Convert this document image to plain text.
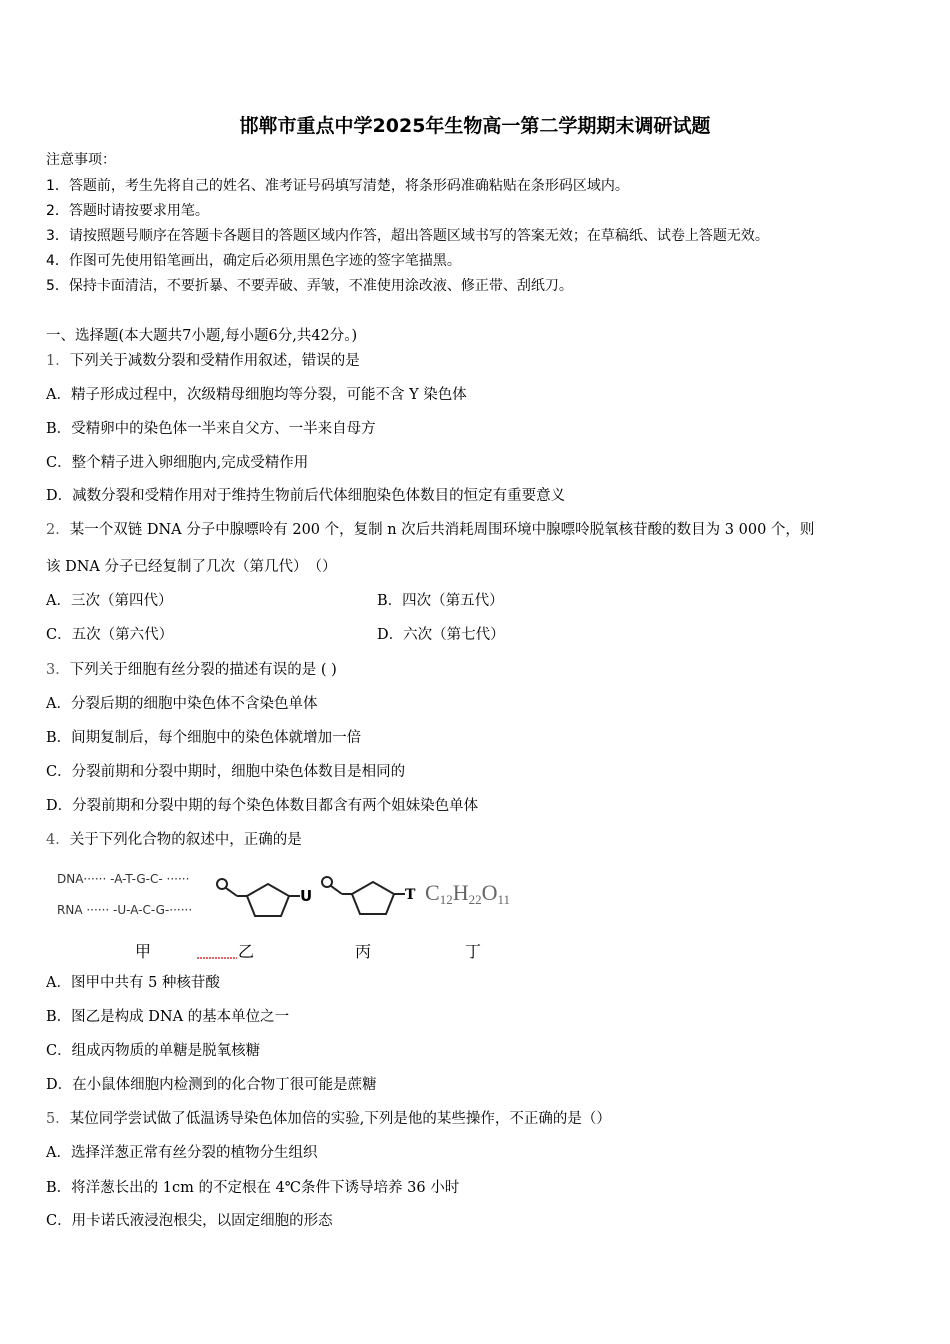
邯郸市重点中学2025年生物高一第二学期期末调研试题
注意事项：
1．答题前，考生先将自己的姓名、准考证号码填写清楚，将条形码准确粘贴在条形码区域内。
2．答题时请按要求用笔。
3．请按照题号顺序在答题卡各题目的答题区域内作答，超出答题区域书写的答案无效；在草稿纸、试卷上答题无效。
4．作图可先使用铅笔画出，确定后必须用黑色字迹的签字笔描黑。
5．保持卡面清洁，不要折暴、不要弄破、弄皱，不准使用涂改液、修正带、刮纸刀。
一、选择题(本大题共7小题,每小题6分,共42分。)
1．下列关于减数分裂和受精作用叙述，错误的是
A．精子形成过程中，次级精母细胞均等分裂，可能不含 Y 染色体
B．受精卵中的染色体一半来自父方、一半来自母方
C．整个精子进入卵细胞内,完成受精作用
D．减数分裂和受精作用对于维持生物前后代体细胞染色体数目的恒定有重要意义
2．某一个双链 DNA 分子中腺嘌呤有 200 个，复制 n 次后共消耗周围环境中腺嘌呤脱氧核苷酸的数目为 3 000 个，则
该 DNA 分子已经复制了几次（第几代）　（）
A．三次（第四代）	B．四次（第五代）
C．五次（第六代）	D．六次（第七代）
3．下列关于细胞有丝分裂的描述有误的是 ( )
A．分裂后期的细胞中染色体不含染色单体
B．间期复制后，每个细胞中的染色体就增加一倍
C．分裂前期和分裂中期时，细胞中染色体数目是相同的
D．分裂前期和分裂中期的每个染色体数目都含有两个姐妹染色单体
4．关于下列化合物的叙述中，正确的是
DNA······ -A-T-G-C- ······
RNA ······ -U-A-C-G-······
U	T C12H22O11
甲	乙	丙	丁
A．图甲中共有 5 种核苷酸
B．图乙是构成 DNA 的基本单位之一
C．组成丙物质的单糖是脱氧核糖
D．在小鼠体细胞内检测到的化合物丁很可能是蔗糖
5．某位同学尝试做了低温诱导染色体加倍的实验,下列是他的某些操作，不正确的是（）
A．选择洋葱正常有丝分裂的植物分生组织
B．将洋葱长出的 1cm 的不定根在 4℃条件下诱导培养 36 小时
C．用卡诺氏液浸泡根尖，以固定细胞的形态
